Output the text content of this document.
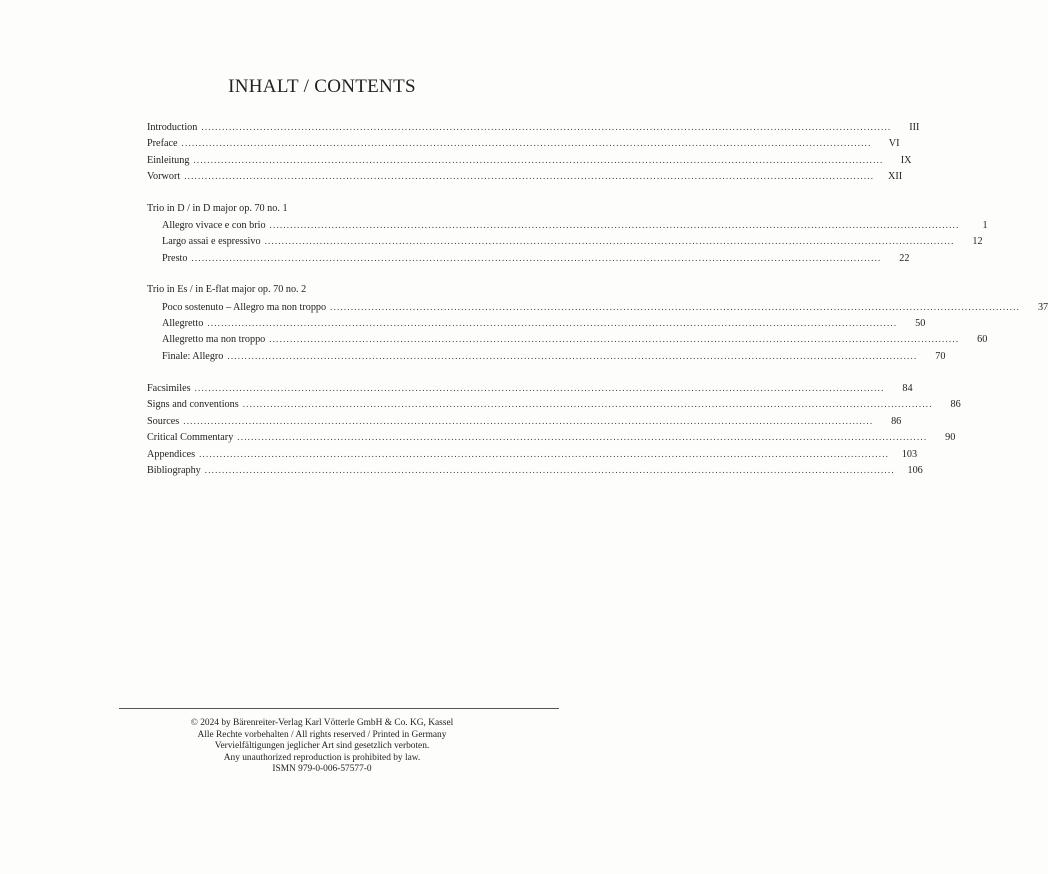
INHALT / CONTENTS
Introduction ........................................................................................................................................................................................................	III
Preface ........................................................................................................................................................................................................	VI
Einleitung ........................................................................................................................................................................................................	IX
Vorwort ........................................................................................................................................................................................................	XII
Trio in D / in D major op. 70 no. 1
Allegro vivace e con brio ........................................................................................................................................................................................................	1
Largo assai e espressivo ........................................................................................................................................................................................................	12
Presto ........................................................................................................................................................................................................	22
Trio in Es / in E-flat major op. 70 no. 2
Poco sostenuto – Allegro ma non troppo ........................................................................................................................................................................................................	37
Allegretto ........................................................................................................................................................................................................	50
Allegretto ma non troppo ........................................................................................................................................................................................................	60
Finale: Allegro ........................................................................................................................................................................................................	70
Facsimiles ........................................................................................................................................................................................................	84
Signs and conventions ........................................................................................................................................................................................................	86
Sources ........................................................................................................................................................................................................	86
Critical Commentary ........................................................................................................................................................................................................	90
Appendices ........................................................................................................................................................................................................	103
Bibliography ........................................................................................................................................................................................................	106
© 2024 by Bärenreiter-Verlag Karl Vötterle GmbH & Co. KG, Kassel
Alle Rechte vorbehalten / All rights reserved / Printed in Germany
Vervielfältigungen jeglicher Art sind gesetzlich verboten.
Any unauthorized reproduction is prohibited by law.
ISMN 979-0-006-57577-0
